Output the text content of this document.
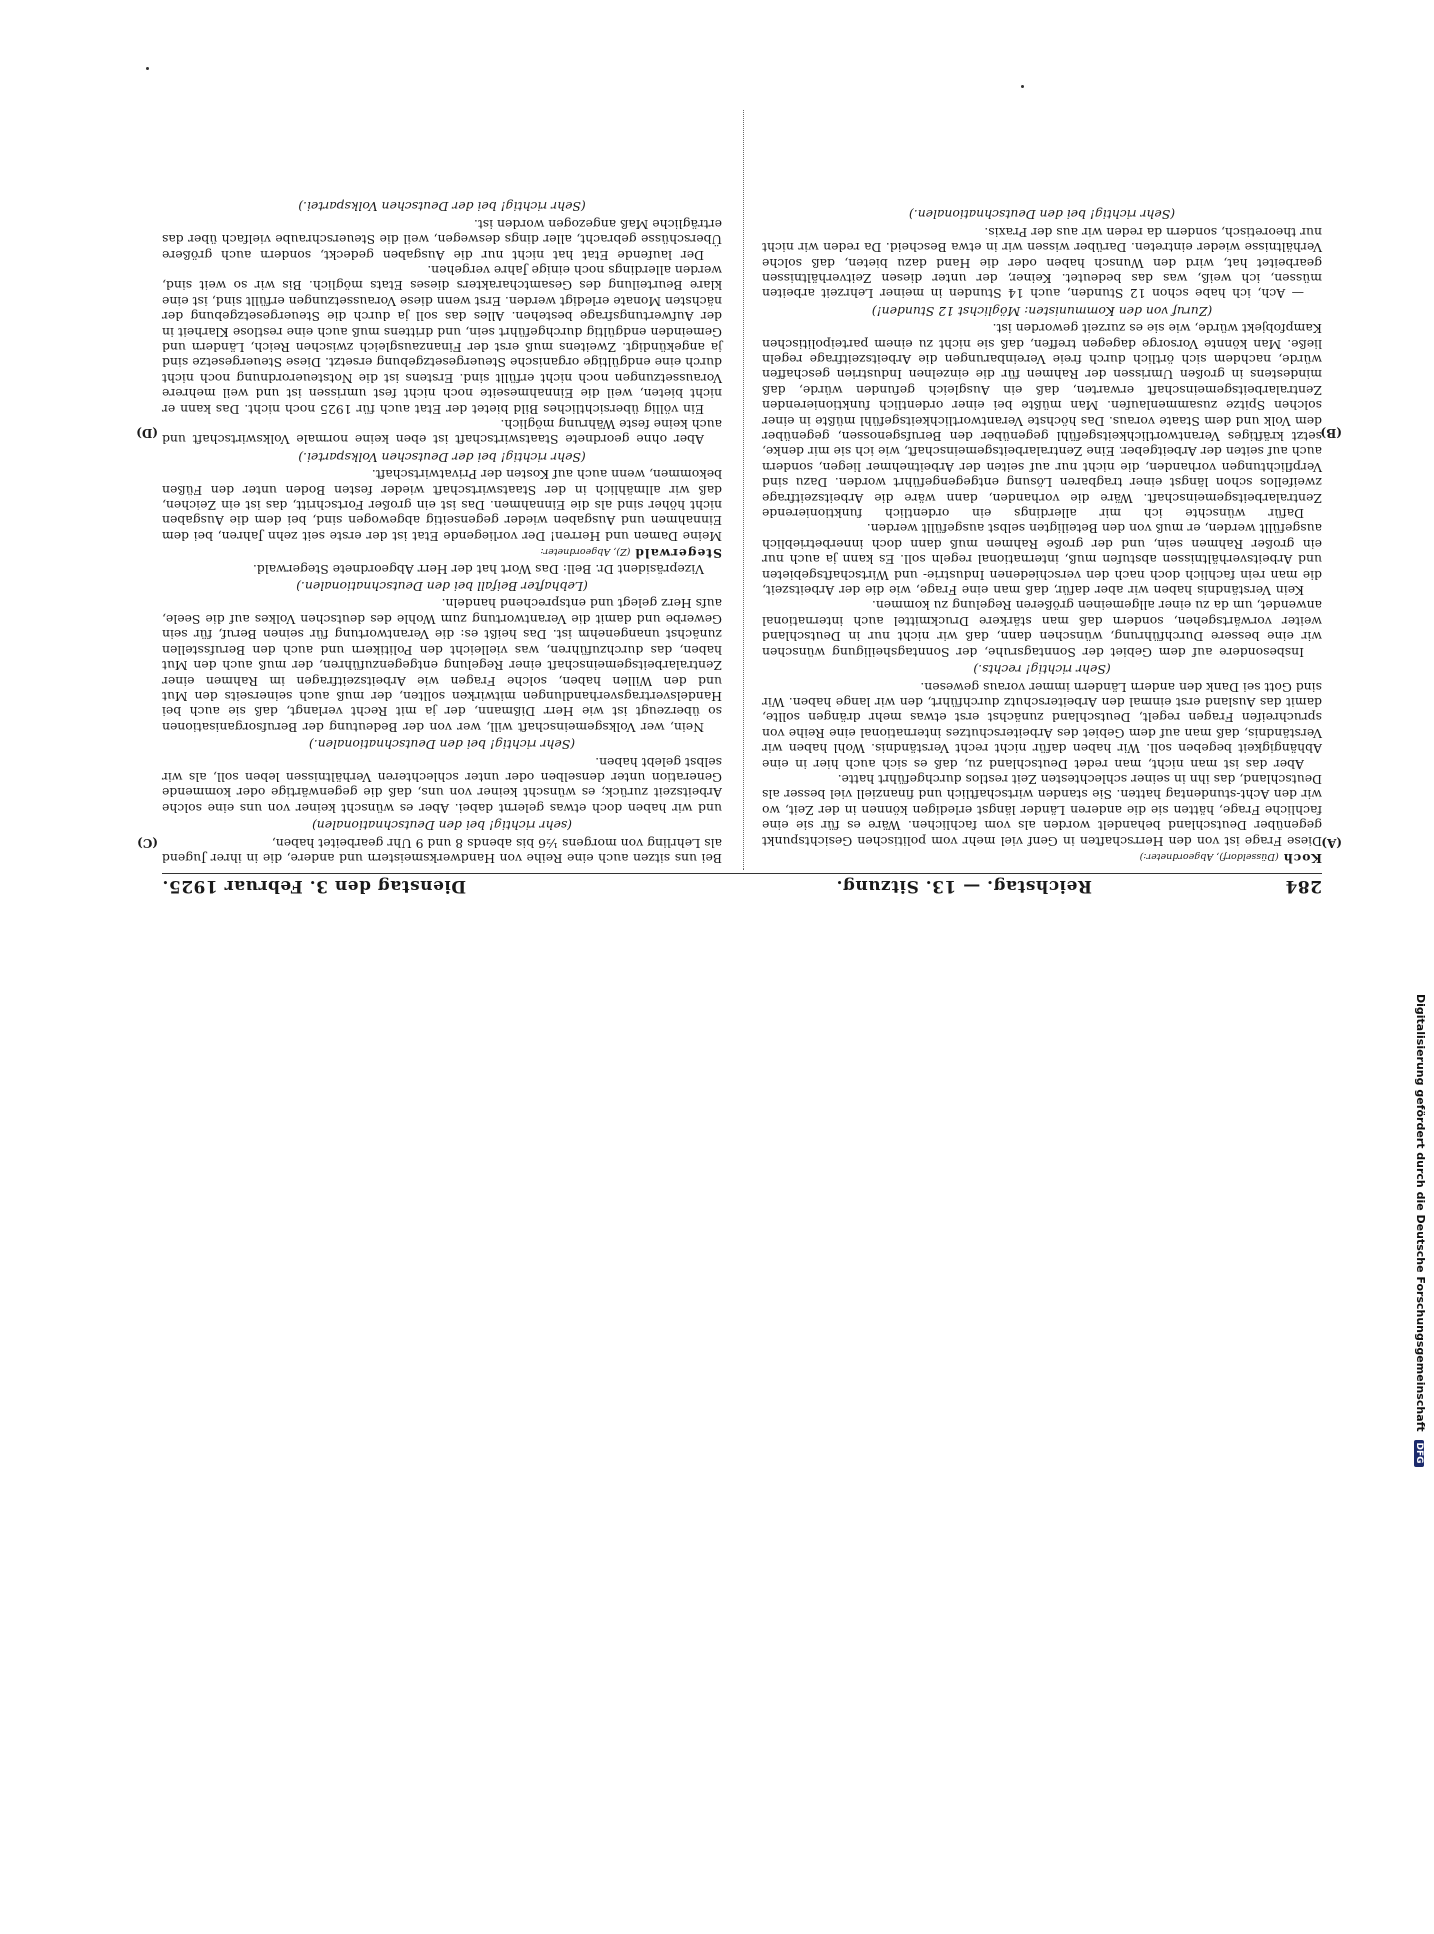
284
Reichstag. — 13. Sitzung.
Dienstag den 3. Februar 1925.
(A)
(B)
(C)
(D)

Koch (Düsseldorf), Abgeordneter:)

Diese Frage ist von den Herrschaften in Genf viel mehr vom politischen Gesichtspunkt gegenüber Deutschland behandelt worden als vom fachlichen. Wäre es für sie eine fachliche Frage, hätten sie die anderen Länder längst erledigen können in der Zeit, wo wir den Acht-stundentag hatten. Sie standen wirtschaftlich und finanziell viel besser als Deutschland, das ihn in seiner schlechtesten Zeit restlos durchgeführt hatte.

Aber das ist man nicht, man redet Deutschland zu, daß es sich auch hier in eine Abhängigkeit begeben soll. Wir haben dafür nicht recht Verständnis. Wohl haben wir Verständnis, daß man auf dem Gebiet des Arbeiterschutzes international eine Reihe von spruchreifen Fragen regelt, Deutschland zunächst erst etwas mehr drängen sollte, damit das Ausland erst einmal den Arbeiterschutz durchführt, den wir lange haben. Wir sind Gott sei Dank den andern Ländern immer voraus gewesen.

(Sehr richtig! rechts.)

Insbesondere auf dem Gebiet der Sonntagsruhe, der Sonntagsheiligung wünschen wir eine bessere Durchführung, wünschen dann, daß wir nicht nur in Deutschland weiter vorwärtsgehen, sondern daß man stärkere Druckmittel auch international anwendet, um da zu einer allgemeinen größeren Regelung zu kommen.

Kein Verständnis haben wir aber dafür, daß man eine Frage, wie die der Arbeitszeit, die man rein fachlich doch nach den verschiedenen Industrie- und Wirtschaftsgebieten und Arbeitsverhältnissen abstufen muß, international regeln soll. Es kann ja auch nur ein großer Rahmen sein, und der große Rahmen muß dann doch innerbetrieblich ausgefüllt werden, er muß von den Beteiligten selbst ausgefüllt werden.

Dafür wünschte ich mir allerdings ein ordentlich funktionierende Zentralarbeitsgemeinschaft. Wäre die vorhanden, dann wäre die Arbeitszeitfrage zweifellos schon längst einer tragbaren Lösung entgegengeführt worden. Dazu sind Verpflichtungen vorhanden, die nicht nur auf seiten der Arbeitnehmer liegen, sondern auch auf seiten der Arbeitgeber. Eine Zentralarbeitsgemeinschaft, wie ich sie mir denke, setzt kräftiges Verantwortlichkeitsgefühl gegenüber den Berufsgenossen, gegenüber dem Volk und dem Staate voraus. Das höchste Verantwortlichkeitsgefühl müßte in einer solchen Spitze zusammenlaufen. Man müßte bei einer ordentlich funktionierenden Zentralarbeitsgemeinschaft erwarten, daß ein Ausgleich gefunden würde, daß mindestens in großen Umrissen der Rahmen für die einzelnen Industrien geschaffen würde, nachdem sich örtlich durch freie Vereinbarungen die Arbeitszeitfrage regeln ließe. Man könnte Vorsorge dagegen treffen, daß sie nicht zu einem parteipolitischen Kampfobjekt würde, wie sie es zurzeit geworden ist.

(Zuruf von den Kommunisten: Möglichst 12 Stunden!)

— Ach, ich habe schon 12 Stunden, auch 14 Stunden in meiner Lehrzeit arbeiten müssen, ich weiß, was das bedeutet. Keiner, der unter diesen Zeitverhältnissen gearbeitet hat, wird den Wunsch haben oder die Hand dazu bieten, daß solche Verhältnisse wieder eintreten. Darüber wissen wir in etwa Bescheid. Da reden wir nicht nur theoretisch, sondern da reden wir aus der Praxis.

(Sehr richtig! bei den Deutschnationalen.)

Bei uns sitzen auch eine Reihe von Handwerksmeistern und andere, die in ihrer Jugend als Lehrling von morgens ½6 bis abends 8 und 9 Uhr gearbeitet haben,

(sehr richtig! bei den Deutschnationalen)

und wir haben doch etwas gelernt dabei. Aber es wünscht keiner von uns eine solche Arbeitszeit zurück; es wünscht keiner von uns, daß die gegenwärtige oder kommende Generation unter denselben oder unter schlechteren Verhältnissen leben soll, als wir selbst gelebt haben.

(Sehr richtig! bei den Deutschnationalen.)

Nein, wer Volksgemeinschaft will, wer von der Bedeutung der Berufsorganisationen so überzeugt ist wie Herr Dißmann, der ja mit Recht verlangt, daß sie auch bei Handelsvertragsverhandlungen mitwirken sollten, der muß auch seinerseits den Mut und den Willen haben, solche Fragen wie Arbeitszeitfragen im Rahmen einer Zentralarbeitsgemeinschaft einer Regelung entgegenzuführen, der muß auch den Mut haben, das durchzuführen, was vielleicht den Politikern und auch den Berufsstellen zunächst unangenehm ist. Das heißt es: die Verantwortung für seinen Beruf, für sein Gewerbe und damit die Verantwortung zum Wohle des deutschen Volkes auf die Seele, aufs Herz gelegt und entsprechend handeln.

(Lebhafter Beifall bei den Deutschnationalen.)

Vizepräsident Dr. Bell: Das Wort hat der Herr Abgeordnete Stegerwald.

Stegerwald (Z), Abgeordneter:

Meine Damen und Herren! Der vorliegende Etat ist der erste seit zehn Jahren, bei dem Einnahmen und Ausgaben wieder gegenseitig abgewogen sind, bei dem die Ausgaben nicht höher sind als die Einnahmen. Das ist ein großer Fortschritt, das ist ein Zeichen, daß wir allmählich in der Staatswirtschaft wieder festen Boden unter den Füßen bekommen, wenn auch auf Kosten der Privatwirtschaft.

(Sehr richtig! bei der Deutschen Volkspartei.)

Aber ohne geordnete Staatswirtschaft ist eben keine normale Volkswirtschaft und auch keine feste Währung möglich.

Ein völlig übersichtliches Bild bietet der Etat auch für 1925 noch nicht. Das kann er nicht bieten, weil die Einnahmeseite noch nicht fest umrissen ist und weil mehrere Voraussetzungen noch nicht erfüllt sind. Erstens ist die Notsteuerordnung noch nicht durch eine endgültige organische Steuergesetzgebung ersetzt. Diese Steuergesetze sind ja angekündigt. Zweitens muß erst der Finanzausgleich zwischen Reich, Ländern und Gemeinden endgültig durchgeführt sein, und drittens muß auch eine restlose Klarheit in der Aufwertungsfrage bestehen. Alles das soll ja durch die Steuergesetzgebung der nächsten Monate erledigt werden. Erst wenn diese Voraussetzungen erfüllt sind, ist eine klare Beurteilung des Gesamtcharakters dieses Etats möglich. Bis wir so weit sind, werden allerdings noch einige Jahre vergehen.

Der laufende Etat hat nicht nur die Ausgaben gedeckt, sondern auch größere Überschüsse gebracht, aller dings deswegen, weil die Steuerschraube vielfach über das erträgliche Maß angezogen worden ist.

(Sehr richtig! bei der Deutschen Volkspartei.)

Digitalisierung gefördert durch die Deutsche Forschungsgemeinschaft DFG
